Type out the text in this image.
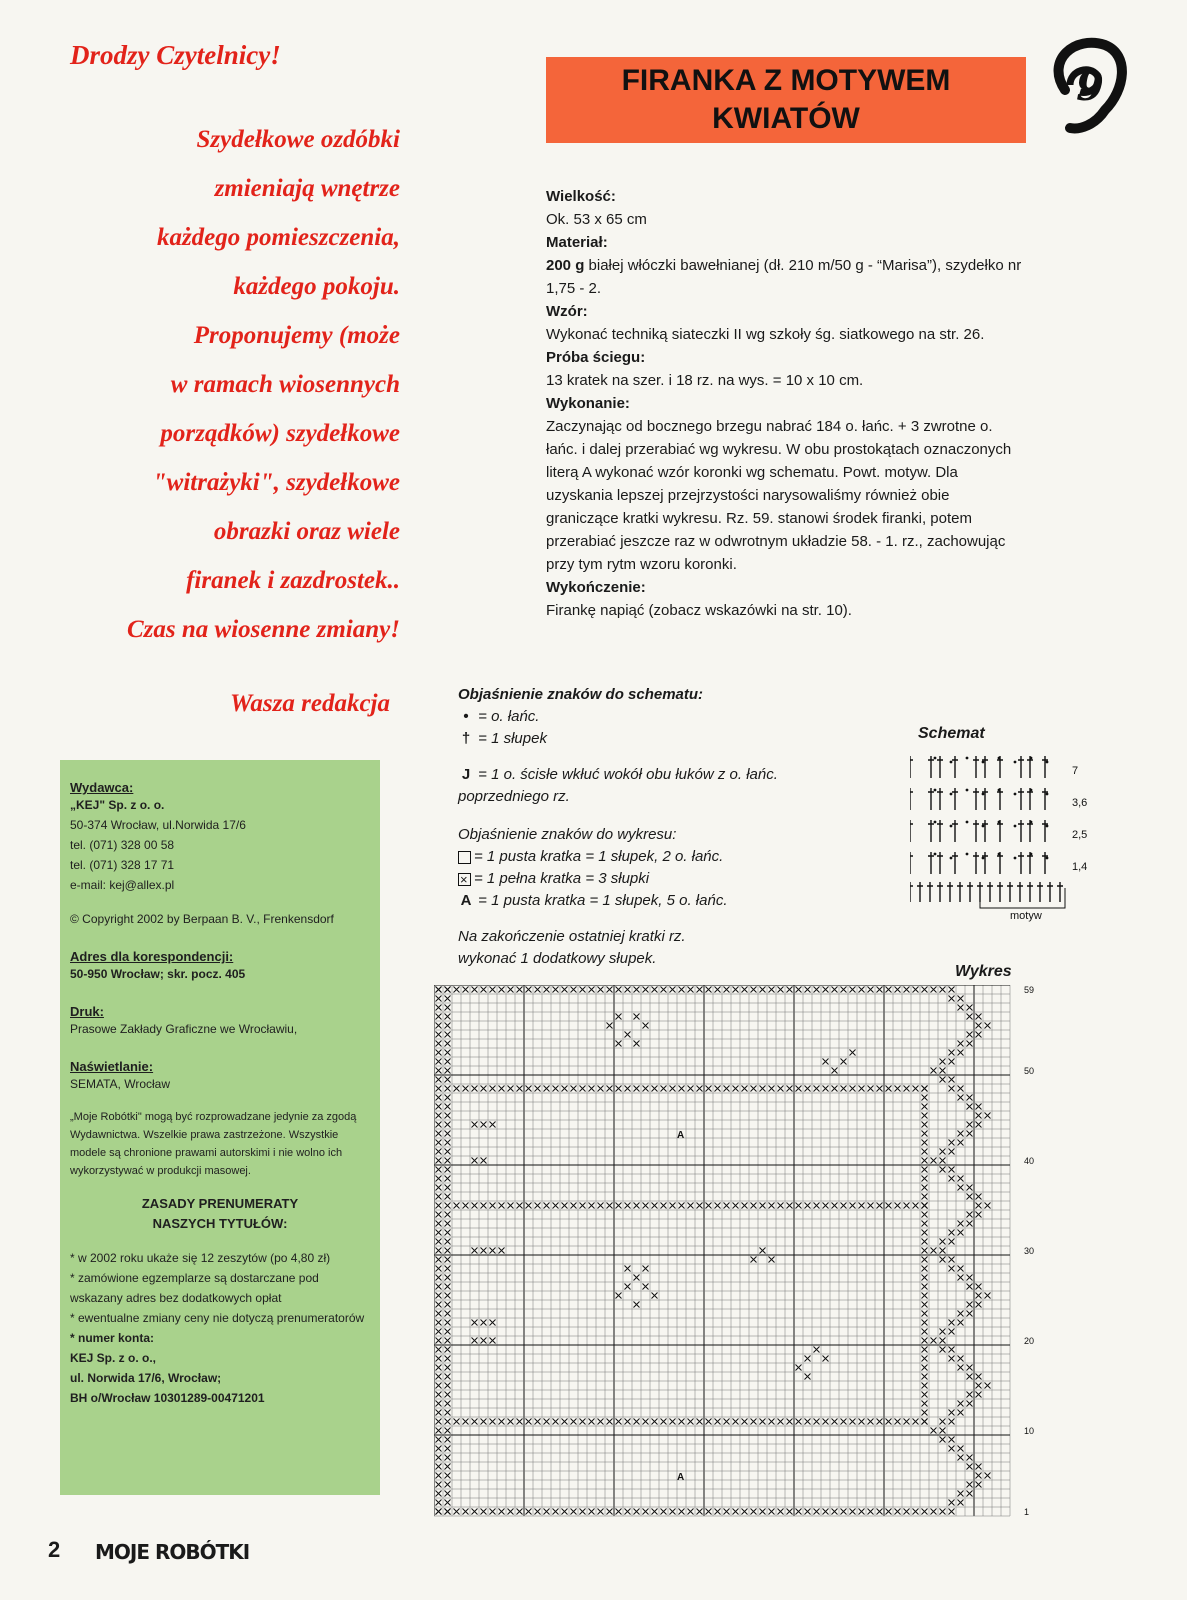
Drodzy Czytelnicy!
Szydełkowe ozdóbki
zmieniają wnętrze
każdego pomieszczenia,
każdego pokoju.
Proponujemy (może
w ramach wiosennych
porządków) szydełkowe
"witrażyki", szydełkowe
obrazki oraz wiele
firanek i zazdrostek..
Czas na wiosenne zmiany!
Wasza redakcja
Wydawca:
„KEJ" Sp. z o. o.
50-374 Wrocław, ul.Norwida 17/6
tel. (071) 328 00 58
tel. (071) 328 17 71
e-mail: kej@allex.pl
© Copyright 2002 by Berpaan B. V., Frenkensdorf
Adres dla korespondencji:
50-950 Wrocław; skr. pocz. 405
Druk:
Prasowe Zakłady Graficzne we Wrocławiu,
Naświetlanie:
SEMATA, Wrocław
„Moje Robótki" mogą być rozprowadzane jedynie za zgodą Wydawnictwa. Wszelkie prawa zastrzeżone. Wszystkie modele są chronione prawami autorskimi i nie wolno ich wykorzystywać w produkcji masowej.
ZASADY PRENUMERATY
NASZYCH TYTUŁÓW:
* w 2002 roku ukaże się 12 zeszytów (po 4,80 zł)
* zamówione egzemplarze są dostarczane pod wskazany adres bez dodatkowych opłat
* ewentualne zmiany ceny nie dotyczą prenumeratorów
* numer konta:
KEJ Sp. z o. o.,
ul. Norwida 17/6, Wrocław;
BH o/Wrocław 10301289-00471201
2 MOJE ROBÓTKI
FIRANKA Z MOTYWEM
KWIATÓW
9
Wielkość:
Ok. 53 x 65 cm
Materiał:
200 g białej włóczki bawełnianej (dł. 210 m/50 g - “Marisa”), szydełko nr 1,75 - 2.
Wzór:
Wykonać techniką siateczki II wg szkoły śg. siatkowego na str. 26.
Próba ściegu:
13 kratek na szer. i 18 rz. na wys. = 10 x 10 cm.
Wykonanie:
Zaczynając od bocznego brzegu nabrać 184 o. łańc. + 3 zwrotne o. łańc. i dalej przerabiać wg wykresu. W obu prostokątach oznaczonych literą A wykonać wzór koronki wg schematu. Powt. motyw. Dla uzyskania lepszej przejrzystości narysowaliśmy również obie graniczące kratki wykresu. Rz. 59. stanowi środek firanki, potem przerabiać jeszcze raz w odwrotnym układzie 58. - 1. rz., zachowując przy tym rytm wzoru koronki.
Wykończenie:
Firankę napiąć (zobacz wskazówki na str. 10).
Objaśnienie znaków do schematu:
• = o. łańc.
† = 1 słupek
J = 1 o. ścisłe wkłuć wokół obu łuków z o. łańc. poprzedniego rz.
Objaśnienie znaków do wykresu:
= 1 pusta kratka = 1 słupek, 2 o. łańc.
×= 1 pełna kratka = 3 słupki
A = 1 pusta kratka = 1 słupek, 5 o. łańc.
Na zakończenie ostatniej kratki rz. wykonać 1 dodatkowy słupek.
Schemat
7
3,6
2,5
1,4
motyw
Wykres
59
50
40
30
20
10
1
A
A
